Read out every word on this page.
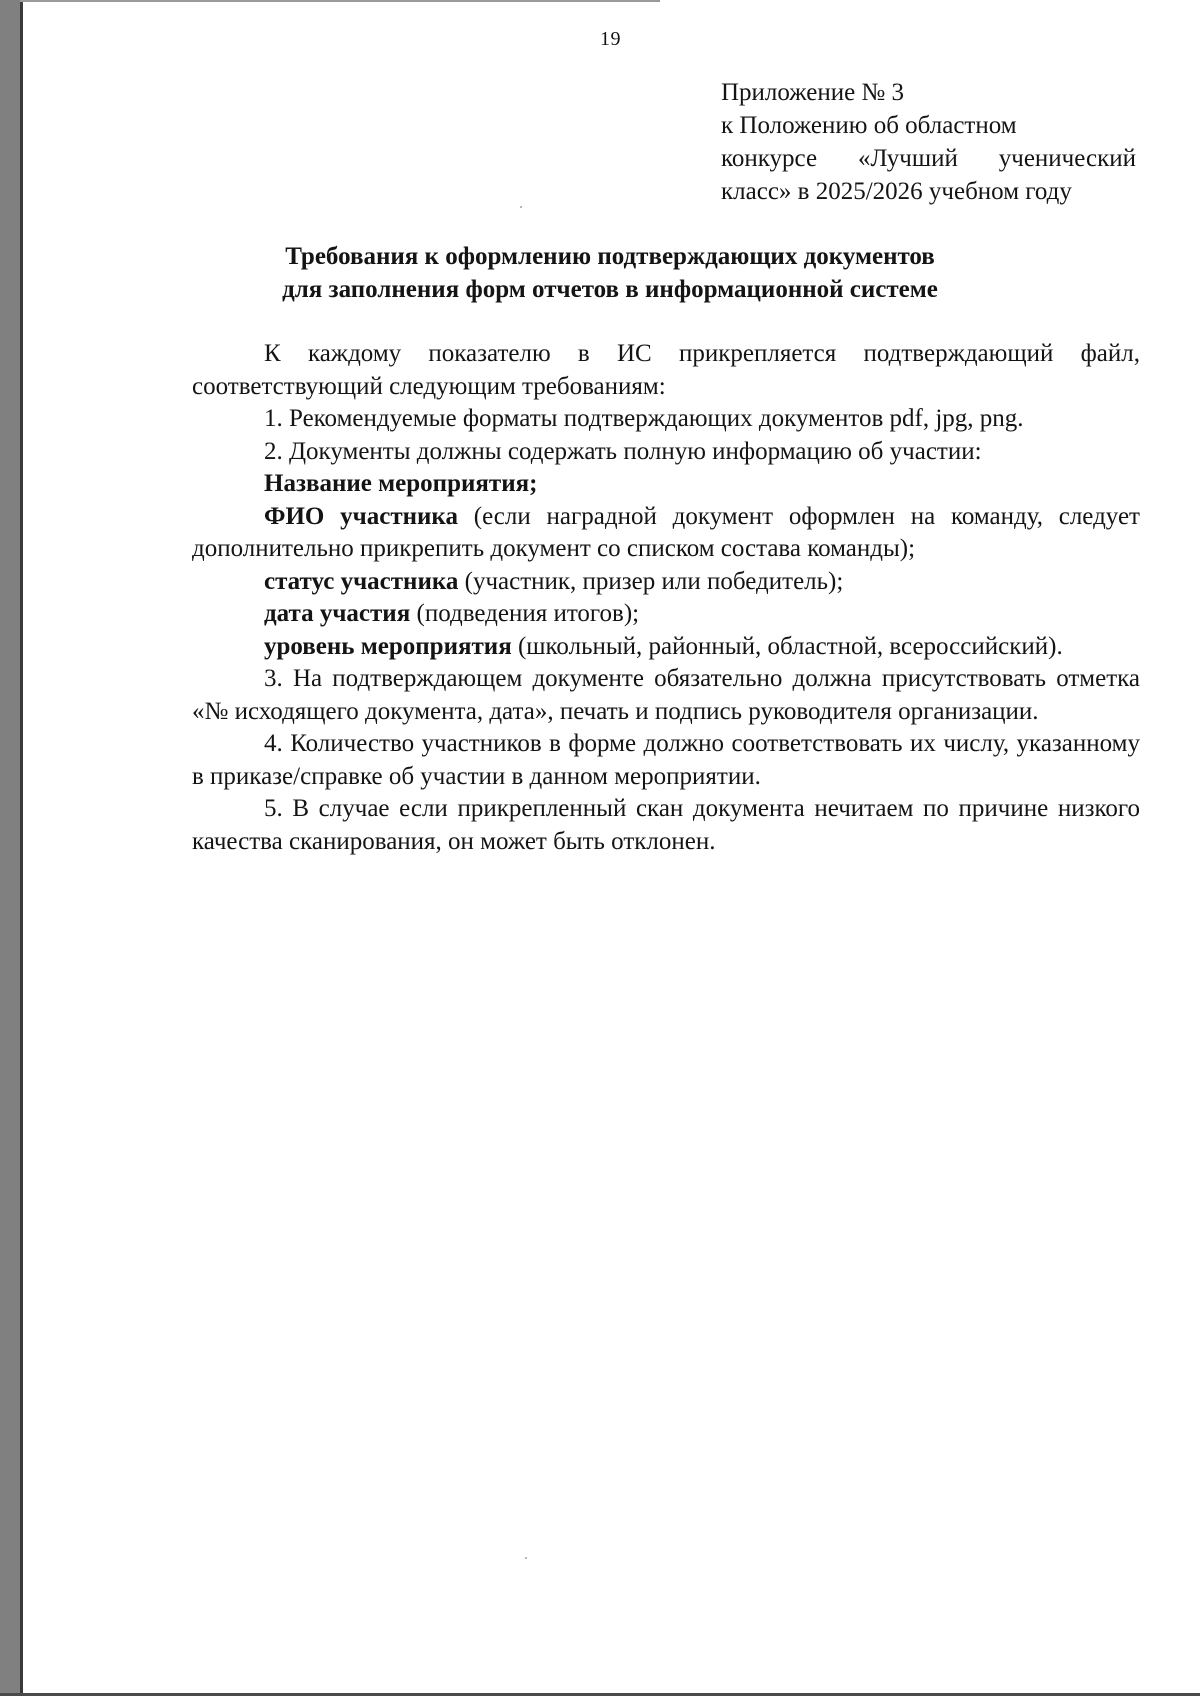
19
Приложение № 3
к Положению об областном
конкурсе «Лучший ученический
класс» в 2025/2026 учебном году
Требования к оформлению подтверждающих документов
для заполнения форм отчетов в информационной системе
К каждому показателю в ИС прикрепляется подтверждающий файл, соответствующий следующим требованиям:
1. Рекомендуемые форматы подтверждающих документов pdf, jpg, png.
2. Документы должны содержать полную информацию об участии:
Название мероприятия;
ФИО участника (если наградной документ оформлен на команду, следует дополнительно прикрепить документ со списком состава команды);
статус участника (участник, призер или победитель);
дата участия (подведения итогов);
уровень мероприятия (школьный, районный, областной, всероссийский).
3. На подтверждающем документе обязательно должна присутствовать отметка «№ исходящего документа, дата», печать и подпись руководителя организации.
4. Количество участников в форме должно соответствовать их числу, указанному в приказе/справке об участии в данном мероприятии.
5. В случае если прикрепленный скан документа нечитаем по причине низкого качества сканирования, он может быть отклонен.
